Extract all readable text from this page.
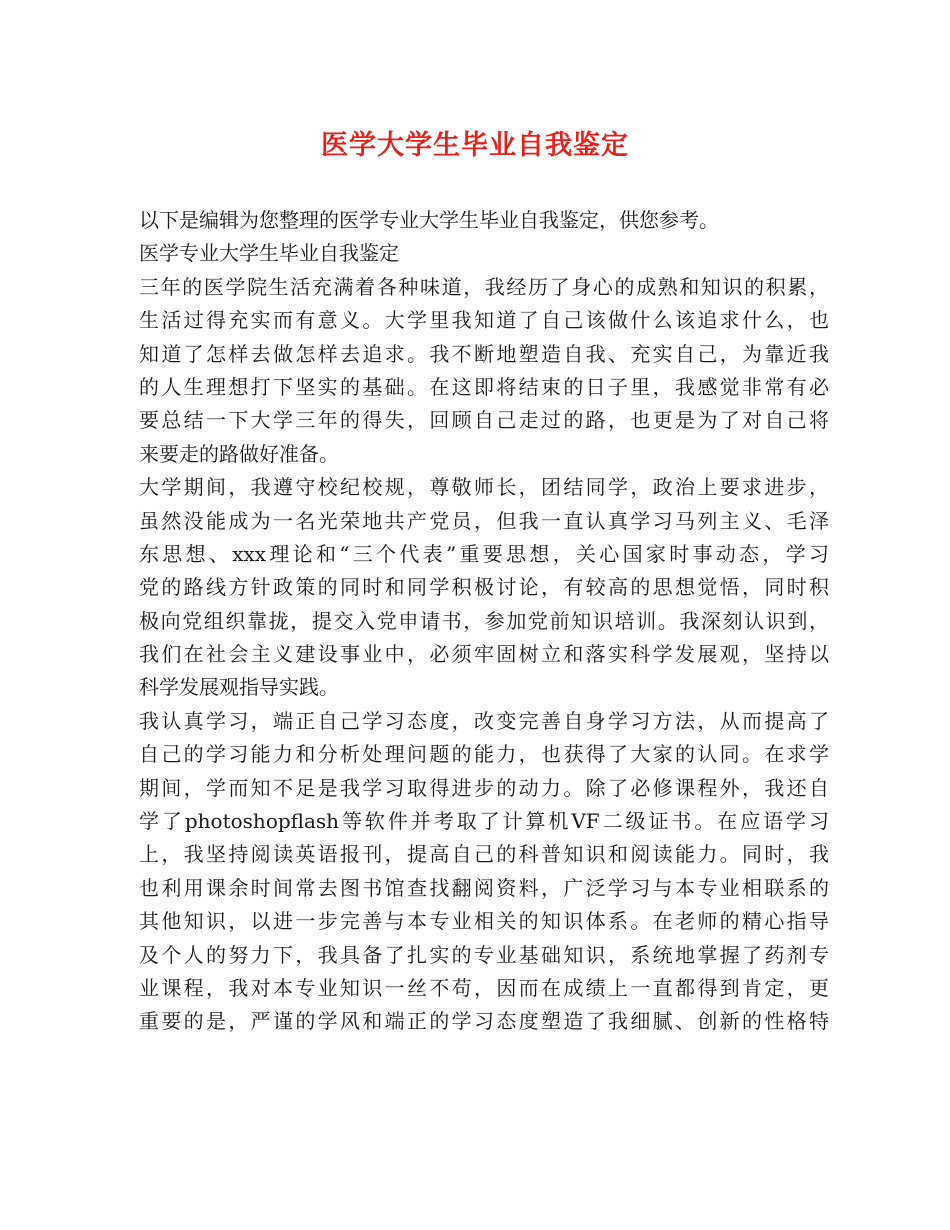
医学大学生毕业自我鉴定
以下是编辑为您整理的医学专业大学生毕业自我鉴定，供您参考。
医学专业大学生毕业自我鉴定
三年的医学院生活充满着各种味道，我经历了身心的成熟和知识的积累，
生活过得充实而有意义。大学里我知道了自己该做什么该追求什么，也
知道了怎样去做怎样去追求。我不断地塑造自我、充实自己，为靠近我
的人生理想打下坚实的基础。在这即将结束的日子里，我感觉非常有必
要总结一下大学三年的得失，回顾自己走过的路，也更是为了对自己将
来要走的路做好准备。
大学期间，我遵守校纪校规，尊敬师长，团结同学，政治上要求进步，
虽然没能成为一名光荣地共产党员，但我一直认真学习马列主义、毛泽
东思想、xxx理论和“三个代表”重要思想，关心国家时事动态，学习
党的路线方针政策的同时和同学积极讨论，有较高的思想觉悟，同时积
极向党组织靠拢，提交入党申请书，参加党前知识培训。我深刻认识到，
我们在社会主义建设事业中，必须牢固树立和落实科学发展观，坚持以
科学发展观指导实践。
我认真学习，端正自己学习态度，改变完善自身学习方法，从而提高了
自己的学习能力和分析处理问题的能力，也获得了大家的认同。在求学
期间，学而知不足是我学习取得进步的动力。除了必修课程外，我还自
学了photoshopflash等软件并考取了计算机VF二级证书。在应语学习
上，我坚持阅读英语报刊，提高自己的科普知识和阅读能力。同时，我
也利用课余时间常去图书馆查找翻阅资料，广泛学习与本专业相联系的
其他知识，以进一步完善与本专业相关的知识体系。在老师的精心指导
及个人的努力下，我具备了扎实的专业基础知识，系统地掌握了药剂专
业课程，我对本专业知识一丝不苟，因而在成绩上一直都得到肯定，更
重要的是，严谨的学风和端正的学习态度塑造了我细腻、创新的性格特
